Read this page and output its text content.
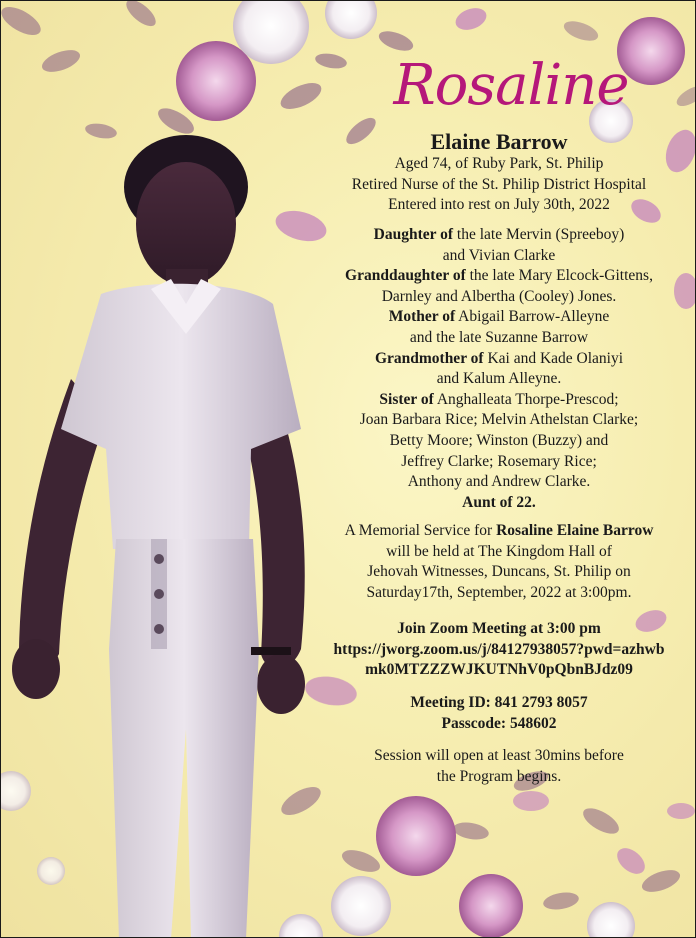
Rosaline
Elaine Barrow
Aged 74, of Ruby Park, St. Philip
Retired Nurse of the St. Philip District Hospital
Entered into rest on July 30th, 2022
Daughter of the late Mervin (Spreeboy)
and Vivian Clarke
Granddaughter of the late Mary Elcock-Gittens,
Darnley and Albertha (Cooley) Jones.
Mother of Abigail Barrow-Alleyne
and the late Suzanne Barrow
Grandmother of Kai and Kade Olaniyi
and Kalum Alleyne.
Sister of Anghalleata Thorpe-Prescod;
Joan Barbara Rice; Melvin Athelstan Clarke;
Betty Moore; Winston (Buzzy) and
Jeffrey Clarke; Rosemary Rice;
Anthony and Andrew Clarke.
Aunt of 22.
A Memorial Service for Rosaline Elaine Barrow
will be held at The Kingdom Hall of
Jehovah Witnesses, Duncans, St. Philip on
Saturday17th, September, 2022 at 3:00pm.
Join Zoom Meeting at 3:00 pm
https://jworg.zoom.us/j/84127938057?pwd=azhwb
mk0MTZZZWJKUTNhV0pQbnBJdz09
Meeting ID: 841 2793 8057
Passcode: 548602
Session will open at least 30mins before
the Program begins.
